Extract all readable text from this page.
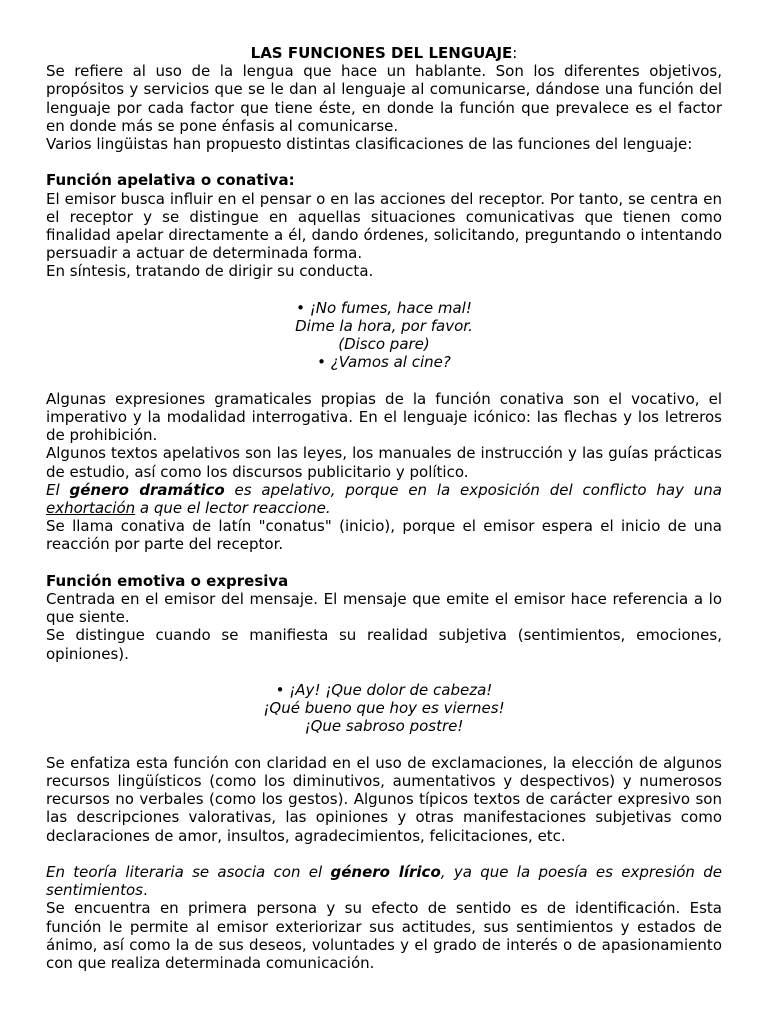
LAS FUNCIONES DEL LENGUAJE:

Se refiere al uso de la lengua que hace un hablante. Son los diferentes objetivos, propósitos y servicios que se le dan al lenguaje al comunicarse, dándose una función del lenguaje por cada factor que tiene éste, en donde la función que prevalece es el factor en donde más se pone énfasis al comunicarse.

Varios lingüistas han propuesto distintas clasificaciones de las funciones del lenguaje:

Función apelativa o conativa:

El emisor busca influir en el pensar o en las acciones del receptor. Por tanto, se centra en el receptor y se distingue en aquellas situaciones comunicativas que tienen como finalidad apelar directamente a él, dando órdenes, solicitando, preguntando o intentando persuadir a actuar de determinada forma.

En síntesis, tratando de dirigir su conducta.

• ¡No fumes, hace mal!

Dime la hora, por favor.

(Disco pare)

• ¿Vamos al cine?

Algunas expresiones gramaticales propias de la función conativa son el vocativo, el imperativo y la modalidad interrogativa. En el lenguaje icónico: las flechas y los letreros de prohibición.

Algunos textos apelativos son las leyes, los manuales de instrucción y las guías prácticas de estudio, así como los discursos publicitario y político.

El género dramático es apelativo, porque en la exposición del conflicto hay una exhortación a que el lector reaccione.

Se llama conativa de latín "conatus" (inicio), porque el emisor espera el inicio de una reacción por parte del receptor.

Función emotiva o expresiva

Centrada en el emisor del mensaje. El mensaje que emite el emisor hace referencia a lo que siente.

Se distingue cuando se manifiesta su realidad subjetiva (sentimientos, emociones, opiniones).

• ¡Ay! ¡Que dolor de cabeza!

¡Qué bueno que hoy es viernes!

¡Que sabroso postre!

Se enfatiza esta función con claridad en el uso de exclamaciones, la elección de algunos recursos lingüísticos (como los diminutivos, aumentativos y despectivos) y numerosos recursos no verbales (como los gestos). Algunos típicos textos de carácter expresivo son las descripciones valorativas, las opiniones y otras manifestaciones subjetivas como declaraciones de amor, insultos, agradecimientos, felicitaciones, etc.

En teoría literaria se asocia con el género lírico, ya que la poesía es expresión de sentimientos.

Se encuentra en primera persona y su efecto de sentido es de identificación. Esta función le permite al emisor exteriorizar sus actitudes, sus sentimientos y estados de ánimo, así como la de sus deseos, voluntades y el grado de interés o de apasionamiento con que realiza determinada comunicación.
